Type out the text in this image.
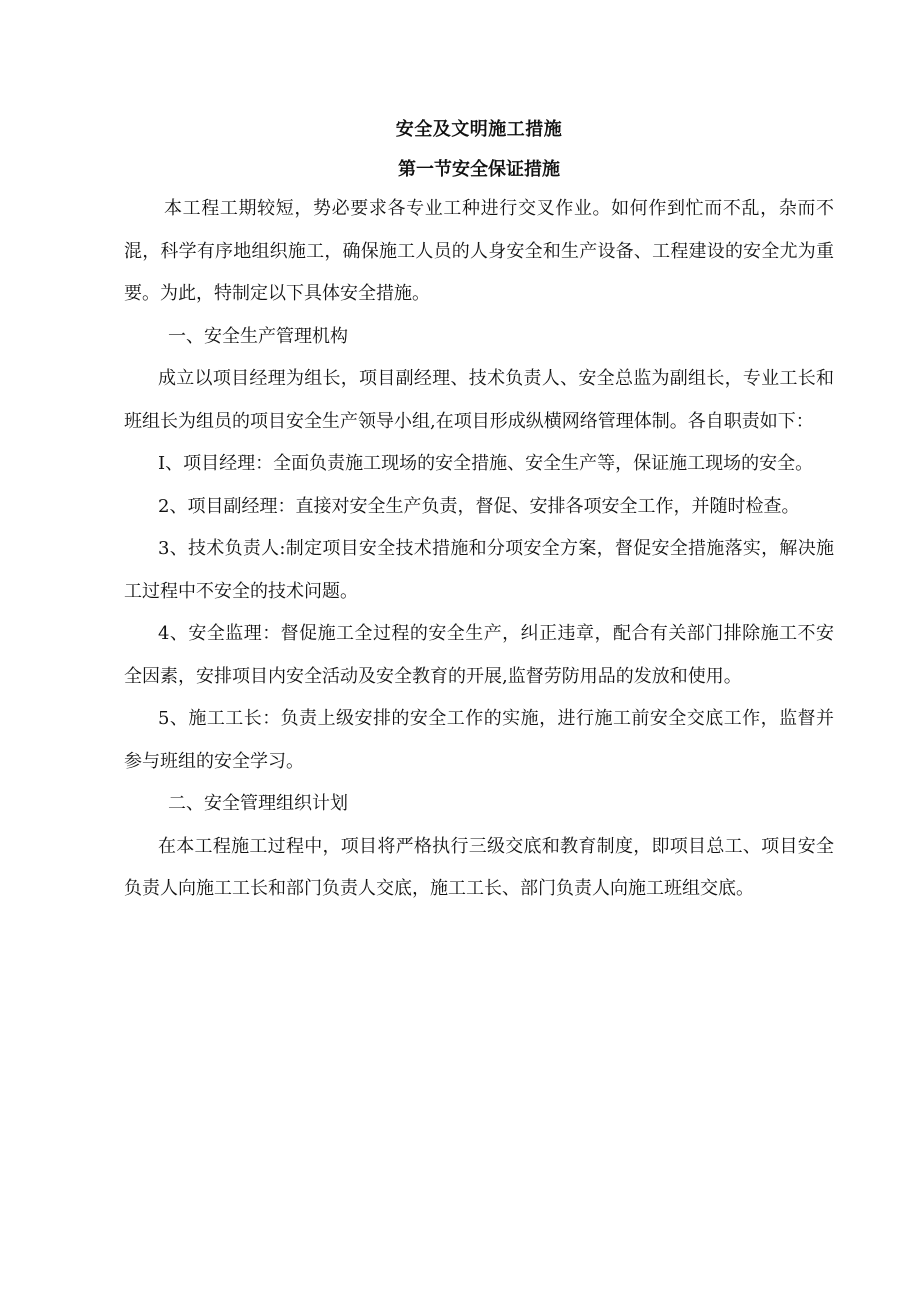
安全及文明施工措施
第一节安全保证措施

本工程工期较短，势必要求各专业工种进行交叉作业。如何作到忙而不乱，杂而不混，科学有序地组织施工，确保施工人员的人身安全和生产设备、工程建设的安全尤为重要。为此，特制定以下具体安全措施。

一、安全生产管理机构

成立以项目经理为组长，项目副经理、技术负责人、安全总监为副组长，专业工长和班组长为组员的项目安全生产领导小组,在项目形成纵横网络管理体制。各自职责如下：

I、项目经理：全面负责施工现场的安全措施、安全生产等，保证施工现场的安全。

2、项目副经理：直接对安全生产负责，督促、安排各项安全工作，并随时检查。

3、技术负责人:制定项目安全技术措施和分项安全方案，督促安全措施落实，解决施工过程中不安全的技术问题。

4、安全监理：督促施工全过程的安全生产，纠正违章，配合有关部门排除施工不安全因素，安排项目内安全活动及安全教育的开展,监督劳防用品的发放和使用。

5、施工工长：负责上级安排的安全工作的实施，进行施工前安全交底工作，监督并参与班组的安全学习。

二、安全管理组织计划

在本工程施工过程中，项目将严格执行三级交底和教育制度，即项目总工、项目安全负责人向施工工长和部门负责人交底，施工工长、部门负责人向施工班组交底。
